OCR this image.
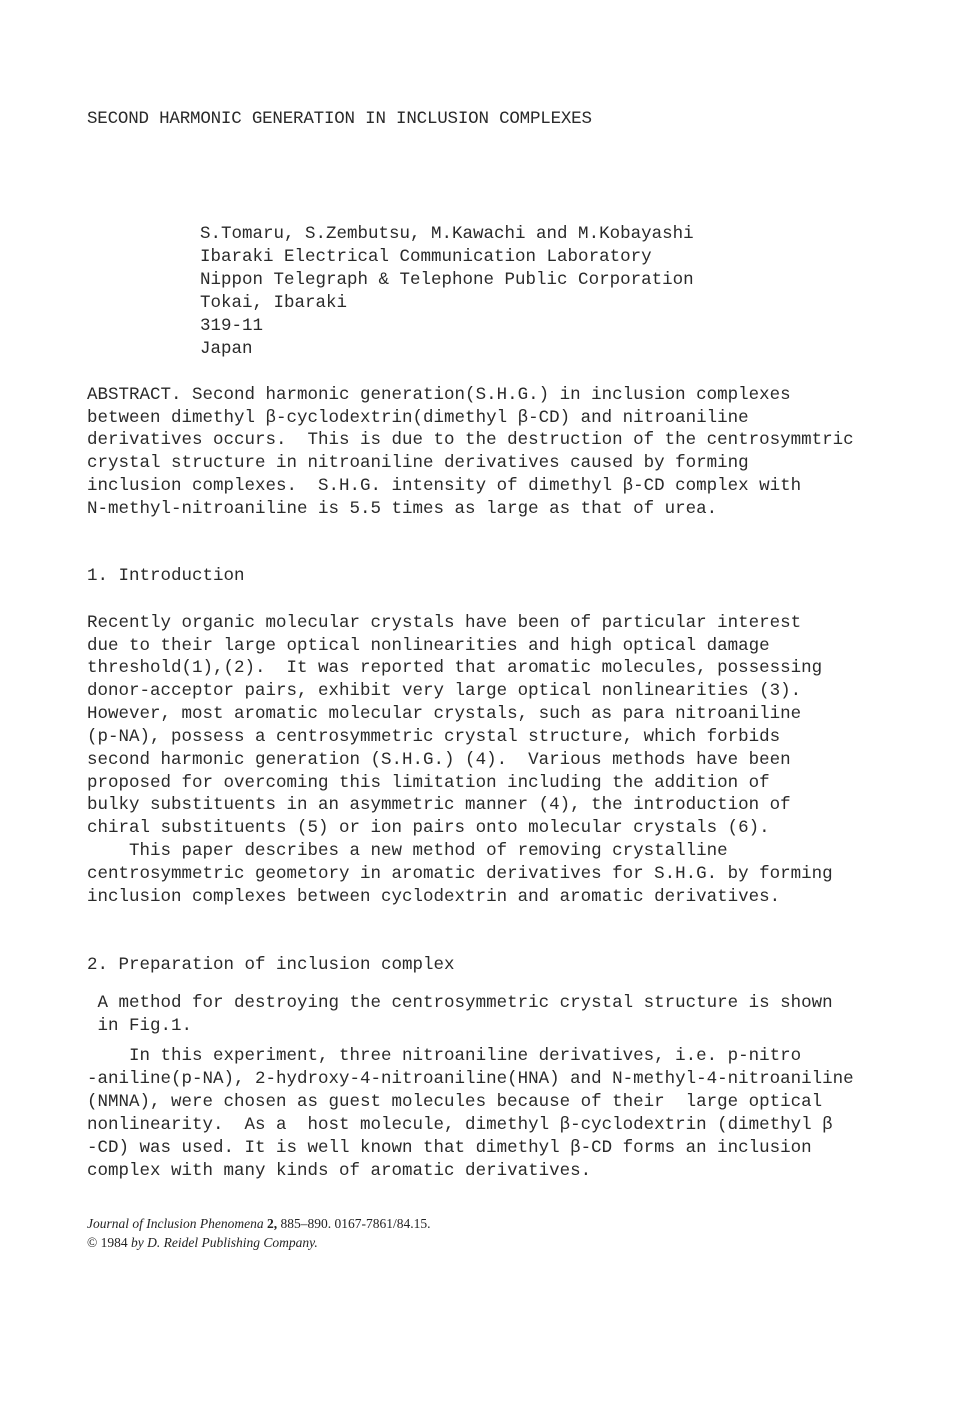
SECOND HARMONIC GENERATION IN INCLUSION COMPLEXES
S.Tomaru, S.Zembutsu, M.Kawachi and M.Kobayashi
Ibaraki Electrical Communication Laboratory
Nippon Telegraph & Telephone Public Corporation
Tokai, Ibaraki
319-11
Japan
ABSTRACT. Second harmonic generation(S.H.G.) in inclusion complexes
between dimethyl β-cyclodextrin(dimethyl β-CD) and nitroaniline
derivatives occurs.  This is due to the destruction of the centrosymmtric
crystal structure in nitroaniline derivatives caused by forming
inclusion complexes.  S.H.G. intensity of dimethyl β-CD complex with
N-methyl-nitroaniline is 5.5 times as large as that of urea.
1. Introduction
Recently organic molecular crystals have been of particular interest
due to their large optical nonlinearities and high optical damage
threshold(1),(2).  It was reported that aromatic molecules, possessing
donor-acceptor pairs, exhibit very large optical nonlinearities (3).
However, most aromatic molecular crystals, such as para nitroaniline
(p-NA), possess a centrosymmetric crystal structure, which forbids
second harmonic generation (S.H.G.) (4).  Various methods have been
proposed for overcoming this limitation including the addition of
bulky substituents in an asymmetric manner (4), the introduction of
chiral substituents (5) or ion pairs onto molecular crystals (6).
This paper describes a new method of removing crystalline
centrosymmetric geometory in aromatic derivatives for S.H.G. by forming
inclusion complexes between cyclodextrin and aromatic derivatives.
2. Preparation of inclusion complex
A method for destroying the centrosymmetric crystal structure is shown
in Fig.1.
In this experiment, three nitroaniline derivatives, i.e. p-nitro
-aniline(p-NA), 2-hydroxy-4-nitroaniline(HNA) and N-methyl-4-nitroaniline
(NMNA), were chosen as guest molecules because of their  large optical
nonlinearity.  As a  host molecule, dimethyl β-cyclodextrin (dimethyl β
-CD) was used. It is well known that dimethyl β-CD forms an inclusion
complex with many kinds of aromatic derivatives.
Journal of Inclusion Phenomena 2, 885–890. 0167-7861/84.15.
© 1984 by D. Reidel Publishing Company.
